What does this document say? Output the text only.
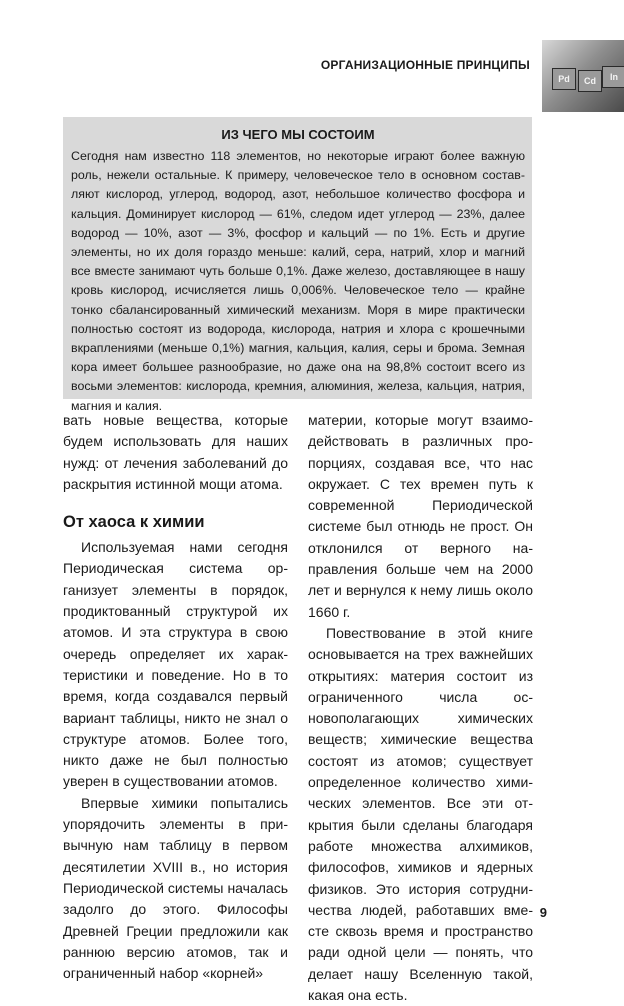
ОРГАНИЗАЦИОННЫЕ ПРИНЦИПЫ
Pd	Cd	In
ИЗ ЧЕГО МЫ СОСТОИМ
Сегодня нам известно 118 элементов, но некоторые играют более важную роль, нежели остальные. К примеру, человеческое тело в основном составляют кислород, углерод, водород, азот, небольшое количество фосфора и кальция. Доминирует кислород — 61%, следом идет углерод — 23%, далее водород — 10%, азот — 3%, фосфор и кальций — по 1%. Есть и другие элементы, но их доля гораздо меньше: калий, сера, натрий, хлор и магний все вместе занимают чуть больше 0,1%. Даже железо, доставляющее в нашу кровь кислород, исчисляется лишь 0,006%. Человеческое тело — крайне тонко сбалансированный химический механизм. Моря в мире практически полностью состоят из водорода, кислорода, натрия и хлора с крошечными вкраплениями (меньше 0,1%) магния, кальция, калия, серы и брома. Земная кора имеет большее разнообразие, но даже она на 98,8% состоит всего из восьми элементов: кислорода, кремния, алюминия, железа, кальция, натрия, магния и калия.

вать новые вещества, которые будем использовать для наших нужд: от лечения заболеваний до раскрытия истинной мощи атома.

От хаоса к химии

Используемая нами сегодня Периодическая система организует элементы в порядок, продиктованный структурой их атомов. И эта структура в свою очередь определяет их характеристики и поведение. Но в то время, когда создавался первый вариант таблицы, никто не знал о структуре атомов. Более того, никто даже не был полностью уверен в существовании атомов.

Впервые химики попытались упорядочить элементы в привычную нам таблицу в первом десятилетии XVIII в., но история Периодической системы началась задолго до этого. Философы Древней Греции предложили как раннюю версию атомов, так и ограниченный набор «корней»

материи, которые могут взаимодействовать в различных пропорциях, создавая все, что нас окружает. С тех времен путь к современной Периодической системе был отнюдь не прост. Он отклонился от верного направления больше чем на 2000 лет и вернулся к нему лишь около 1660 г.

Повествование в этой книге основывается на трех важнейших открытиях: материя состоит из ограниченного числа основополагающих химических веществ; химические вещества состоят из атомов; существует определенное количество химических элементов. Все эти открытия были сделаны благодаря работе множества алхимиков, философов, химиков и ядерных физиков. Это история сотрудничества людей, работавших вместе сквозь время и пространство ради одной цели — понять, что делает нашу Вселенную такой, какая она есть.

9
